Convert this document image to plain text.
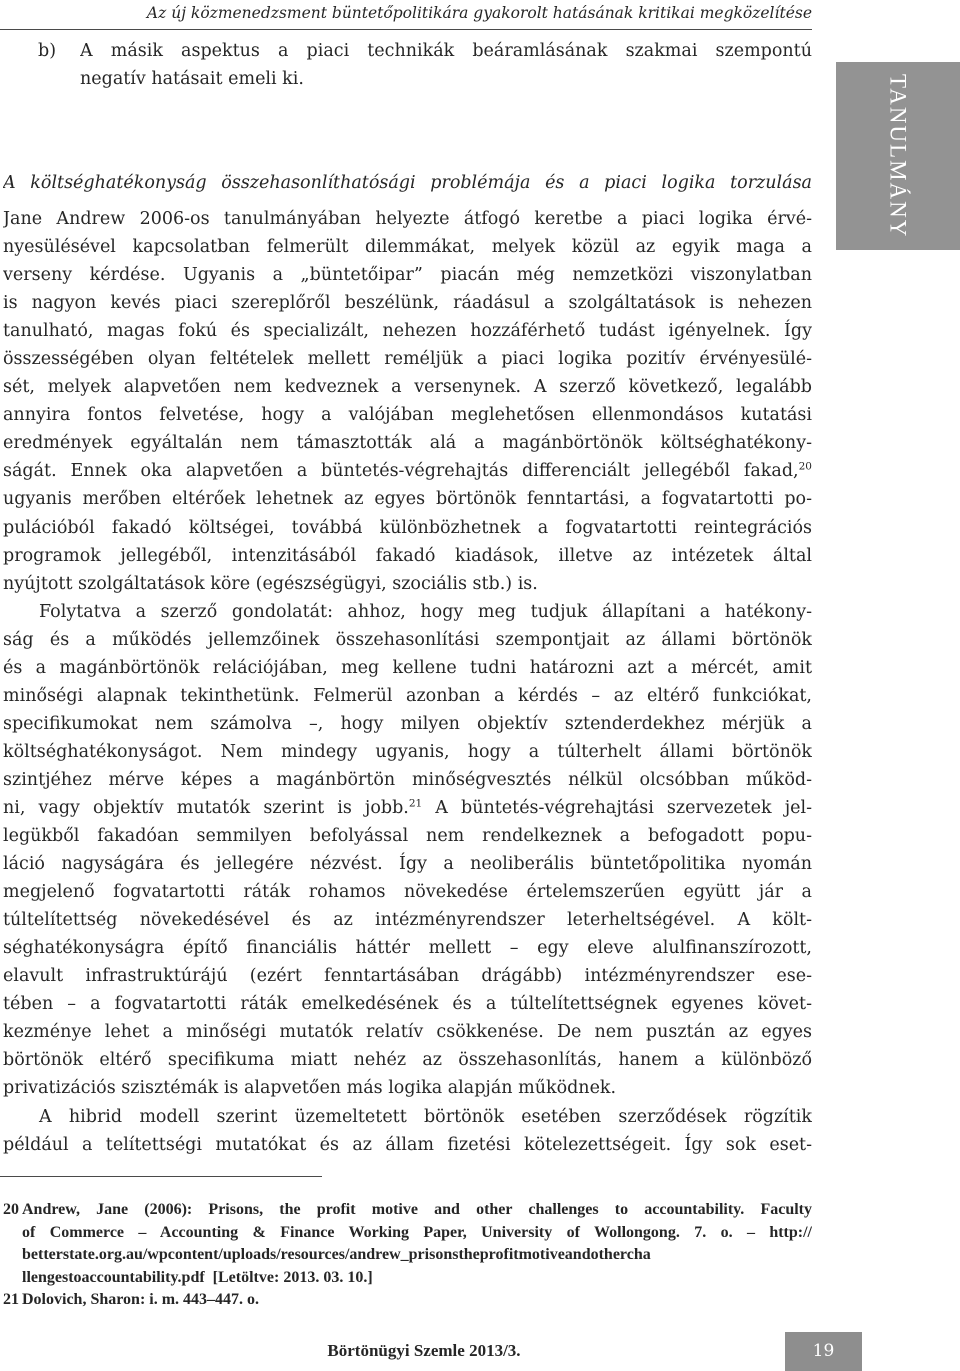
Az új közmenedzsment büntetőpolitikára gyakorolt hatásának kritikai megközelítése
TANULMÁNY
b) A másik aspektus a piaci technikák beáramlásának szakmai szempontú
negatív hatásait emeli ki.
A költséghatékonyság összehasonlíthatósági problémája és a piaci logika torzulása
Jane Andrew 2006-os tanulmányában helyezte átfogó keretbe a piaci logika érvé-
nyesülésével kapcsolatban felmerült dilemmákat, melyek közül az egyik maga a
verseny kérdése. Ugyanis a „büntetőipar” piacán még nemzetközi viszonylatban
is nagyon kevés piaci szereplőről beszélünk, ráadásul a szolgáltatások is nehezen
tanulható, magas fokú és specializált, nehezen hozzáférhető tudást igényelnek. Így
összességében olyan feltételek mellett reméljük a piaci logika pozitív érvényesülé-
sét, melyek alapvetően nem kedveznek a versenynek. A szerző következő, legalább
annyira fontos felvetése, hogy a valójában meglehetősen ellenmondásos kutatási
eredmények egyáltalán nem támasztották alá a magánbörtönök költséghatékony-
ságát. Ennek oka alapvetően a büntetés-végrehajtás differenciált jellegéből fakad,$^{20}$
ugyanis merőben eltérőek lehetnek az egyes börtönök fenntartási, a fogvatartotti po-
pulációból fakadó költségei, továbbá különbözhetnek a fogvatartotti reintegrációs
programok jellegéből, intenzitásából fakadó kiadások, illetve az intézetek által
nyújtott szolgáltatások köre (egészségügyi, szociális stb.) is.
Folytatva a szerző gondolatát: ahhoz, hogy meg tudjuk állapítani a hatékony-
ság és a működés jellemzőinek összehasonlítási szempontjait az állami börtönök
és a magánbörtönök relációjában, meg kellene tudni határozni azt a mércét, amit
minőségi alapnak tekinthetünk. Felmerül azonban a kérdés – az eltérő funkciókat,
specifikumokat nem számolva –, hogy milyen objektív sztenderdekhez mérjük a
költséghatékonyságot. Nem mindegy ugyanis, hogy a túlterhelt állami börtönök
szintjéhez mérve képes a magánbörtön minőségvesztés nélkül olcsóbban működ-
ni, vagy objektív mutatók szerint is jobb.$^{21}$ A büntetés-végrehajtási szervezetek jel-
legükből fakadóan semmilyen befolyással nem rendelkeznek a befogadott popu-
láció nagyságára és jellegére nézvést. Így a neoliberális büntetőpolitika nyomán
megjelenő fogvatartotti ráták rohamos növekedése értelemszerűen együtt jár a
túltelítettség növekedésével és az intézményrendszer leterheltségével. A költ-
séghatékonyságra építő financiális háttér mellett – egy eleve alulfinanszírozott,
elavult infrastruktúrájú (ezért fenntartásában drágább) intézményrendszer ese-
tében – a fogvatartotti ráták emelkedésének és a túltelítettségnek egyenes követ-
kezménye lehet a minőségi mutatók relatív csökkenése. De nem pusztán az egyes
börtönök eltérő specifikuma miatt nehéz az összehasonlítás, hanem a különböző
privatizációs szisztémák is alapvetően más logika alapján működnek.
A hibrid modell szerint üzemeltetett börtönök esetében szerződések rögzítik
például a telítettségi mutatókat és az állam fizetési kötelezettségeit. Így sok eset-
20 Andrew, Jane (2006): Prisons, the profit motive and other challenges to accountability. Faculty
of Commerce – Accounting & Finance Working Paper, University of Wollongong. 7. o. – http://
betterstate.org.au/wpcontent/uploads/resources/andrew_prisonstheprofitmotiveandothercha
llengestoaccountability.pdf  [Letöltve: 2013. 03. 10.]
21 Dolovich, Sharon: i. m. 443–447. o.
Börtönügyi Szemle 2013/3.	19
